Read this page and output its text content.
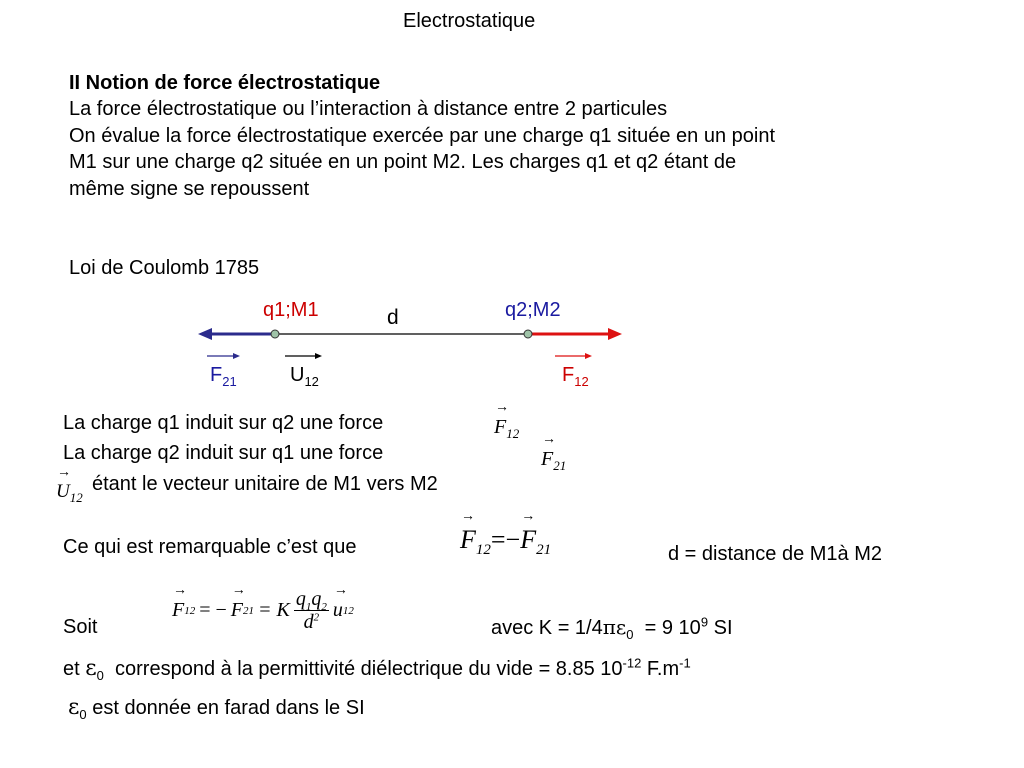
Electrostatique
II Notion de force électrostatique
La force électrostatique ou l’interaction à distance entre 2 particules
On évalue la force électrostatique exercée par une charge q1 située en un point
M1 sur une charge q2 située en un point M2. Les charges q1 et q2 étant de
même signe se repoussent
Loi de Coulomb 1785
q1;M1	q2;M2
d
$F_{21}$	$U_{12}$	$F_{12}$
La charge q1 induit sur q2 une force
→	$F_{12}$
La charge q2 induit sur q1 une force
→	$F_{21}$
→ $U_{12}$
étant le vecteur unitaire de M1 vers M2
Ce qui est remarquable c’est que
→	$F_{12}=-\to F_{21}$	d = distance de M1à M2
Soit
→ F 12 = −
→ F 21 = K $\frac{q_1q_2}{d^2}$
→ u 12
avec $K = 1/4\pi\varepsilon_0 = 9$ $10^9$ SI
et $\varepsilon_0$ correspond à la permittivité diélectrique du vide = 8.85 $10^{-12}$ $F.m^{-1}$
$\varepsilon_0$ est donnée en farad dans le SI
